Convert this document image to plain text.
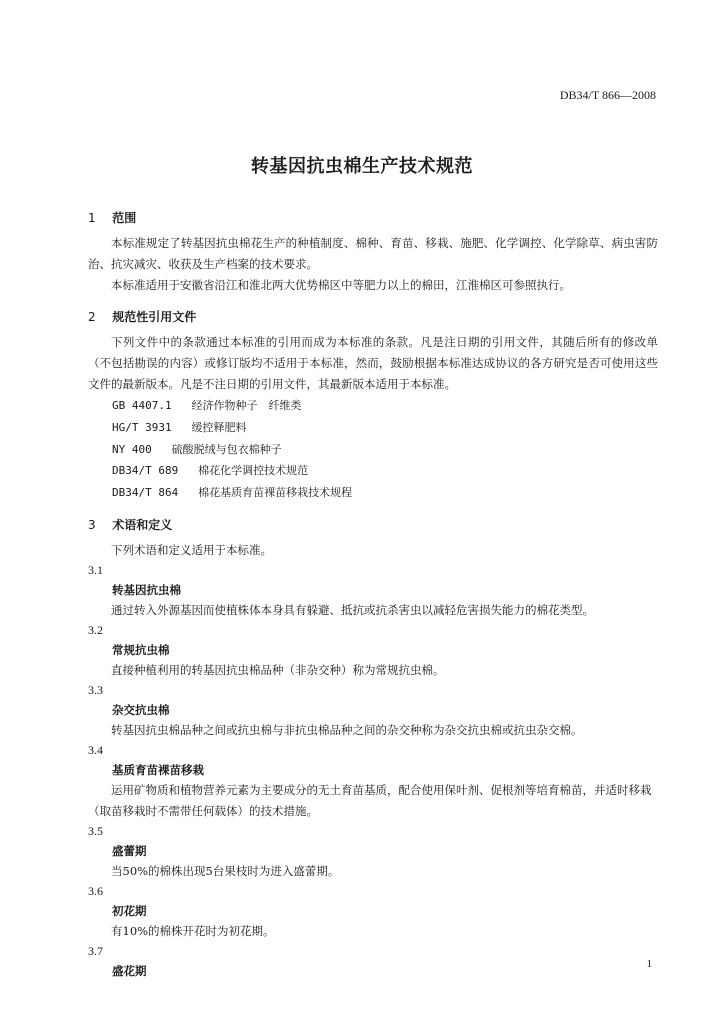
DB34/T 866—2008
转基因抗虫棉生产技术规范
1 范围

本标准规定了转基因抗虫棉花生产的种植制度、棉种、育苗、移栽、施肥、化学调控、化学除草、病虫害防治、抗灾减灾、收获及生产档案的技术要求。

本标准适用于安徽省沿江和淮北两大优势棉区中等肥力以上的棉田，江淮棉区可参照执行。

2 规范性引用文件

下列文件中的条款通过本标准的引用而成为本标准的条款。凡是注日期的引用文件，其随后所有的修改单（不包括勘误的内容）或修订版均不适用于本标准，然而，鼓励根据本标准达成协议的各方研究是否可使用这些文件的最新版本。凡是不注日期的引用文件，其最新版本适用于本标准。

GB 4407.1 经济作物种子　纤维类
HG/T 3931 缓控释肥料
NY 400 硫酸脱绒与包衣棉种子
DB34/T 689 棉花化学调控技术规范
DB34/T 864 棉花基质育苗裸苗移栽技术规程
3 术语和定义

下列术语和定义适用于本标准。

3.1
转基因抗虫棉

通过转入外源基因而使植株体本身具有躲避、抵抗或抗杀害虫以减轻危害损失能力的棉花类型。

3.2
常规抗虫棉

直接种植利用的转基因抗虫棉品种（非杂交种）称为常规抗虫棉。

3.3
杂交抗虫棉

转基因抗虫棉品种之间或抗虫棉与非抗虫棉品种之间的杂交种称为杂交抗虫棉或抗虫杂交棉。

3.4
基质育苗裸苗移栽

运用矿物质和植物营养元素为主要成分的无土育苗基质，配合使用保叶剂、促根剂等培育棉苗，并适时移栽（取苗移栽时不需带任何载体）的技术措施。

3.5
盛蕾期

当50%的棉株出现5台果枝时为进入盛蕾期。

3.6
初花期

有10%的棉株开花时为初花期。

3.7
盛花期	1
